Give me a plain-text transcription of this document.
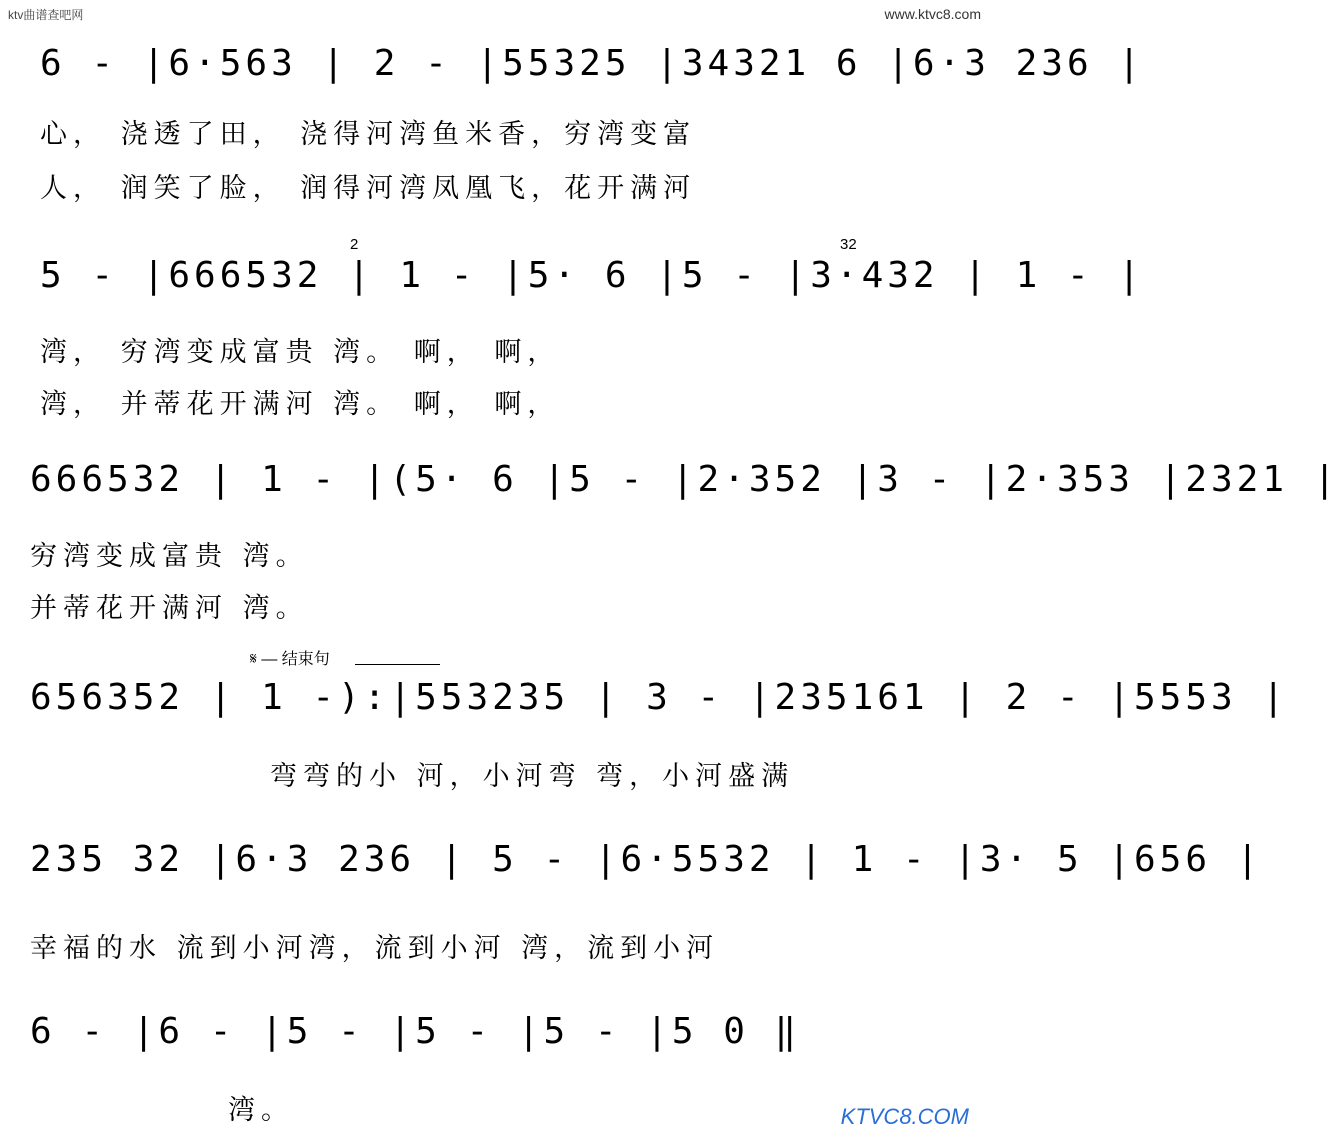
ktv曲谱查吧网	www.ktvc8.com
KTVC8.COM
6 - |6·563 | 2 - |55325 |34321 6 |6·3 236 |
心， 浇透了田， 浇得河湾鱼米香，穷湾变富
人， 润笑了脸， 润得河湾凤凰飞，花开满河
2	32
5 - |666532 | 1 - |5· 6 |5 - |3·432 | 1 - |
湾， 穷湾变成富贵 湾。 啊， 啊，
湾， 并蒂花开满河 湾。 啊， 啊，
666532 | 1 - |(5· 6 |5 - |2·352 |3 - |2·353 |2321 |
穷湾变成富贵 湾。
并蒂花开满河 湾。
𝄋 — 结束句
656352 | 1 -):|553235 | 3 - |235161 | 2 - |5553 |
弯弯的小 河，小河弯 弯，小河盛满
235 32 |6·3 236 | 5 - |6·5532 | 1 - |3· 5 |656 |
幸福的水 流到小河湾，流到小河 湾，流到小河
6 - |6 - |5 - |5 - |5 - |5 0 ‖
湾。
